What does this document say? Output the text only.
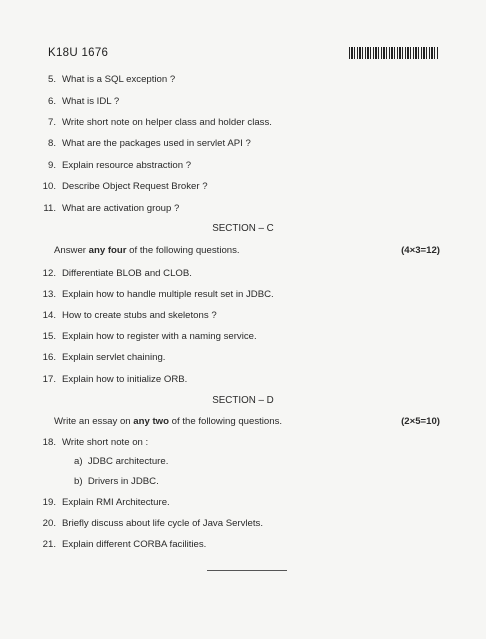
K18U 1676
5. What is a SQL exception ?
6. What is IDL ?
7. Write short note on helper class and holder class.
8. What are the packages used in servlet API ?
9. Explain resource abstraction ?
10. Describe Object Request Broker ?
11. What are activation group ?
SECTION – C
Answer any four of the following questions.	(4×3=12)
12. Differentiate BLOB and CLOB.
13. Explain how to handle multiple result set in JDBC.
14. How to create stubs and skeletons ?
15. Explain how to register with a naming service.
16. Explain servlet chaining.
17. Explain how to initialize ORB.
SECTION – D
Write an essay on any two of the following questions.	(2×5=10)
18. Write short note on :
a) JDBC architecture.
b) Drivers in JDBC.
19. Explain RMI Architecture.
20. Briefly discuss about life cycle of Java Servlets.
21. Explain different CORBA facilities.
